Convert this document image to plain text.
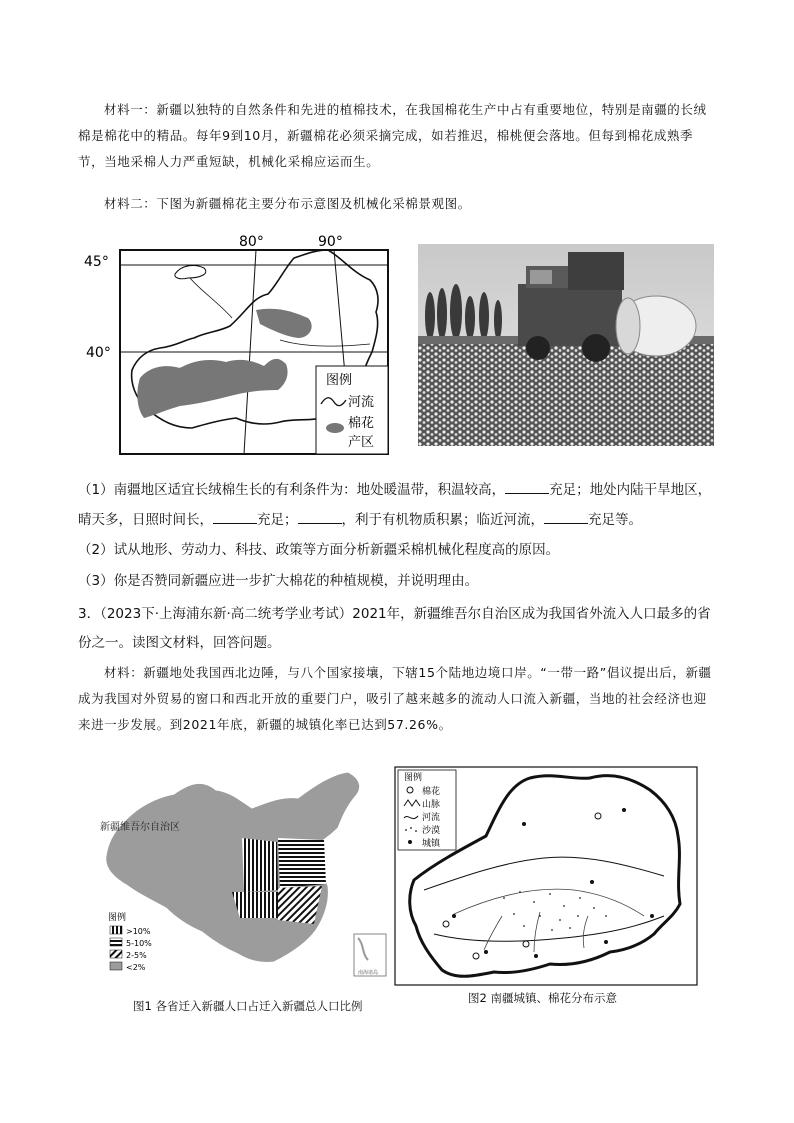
材料一：新疆以独特的自然条件和先进的植棉技术，在我国棉花生产中占有重要地位，特别是南疆的长绒棉是棉花中的精品。每年9到10月，新疆棉花必须采摘完成，如若推迟，棉桃便会落地。但每到棉花成熟季节，当地采棉人力严重短缺，机械化采棉应运而生。
材料二：下图为新疆棉花主要分布示意图及机械化采棉景观图。
80°	90°
45°
40°
图例
河流
棉花
产区
（1）南疆地区适宜长绒棉生长的有利条件为：地处暖温带，积温较高，	充足；地处内陆干旱地区，
晴天多，日照时间长，	充足；	，利于有机物质积累；临近河流，	充足等。
（2）试从地形、劳动力、科技、政策等方面分析新疆采棉机械化程度高的原因。
（3）你是否赞同新疆应进一步扩大棉花的种植规模，并说明理由。
3．（2023下·上海浦东新·高二统考学业考试）2021年，新疆维吾尔自治区成为我国省外流入人口最多的省
份之一。读图文材料，回答问题。
材料：新疆地处我国西北边陲，与八个国家接壤，下辖15个陆地边境口岸。“一带一路”倡议提出后，新疆成为我国对外贸易的窗口和西北开放的重要门户，吸引了越来越多的流动人口流入新疆，当地的社会经济也迎来进一步发展。到2021年底，新疆的城镇化率已达到57.26%。
新疆维吾尔自治区
图例
>10%
5-10%
2-5%
<2%
南海诸岛
图1 各省迁入新疆人口占迁入新疆总人口比例
图例
棉花
山脉
河流
沙漠
城镇
图2 南疆城镇、棉花分布示意
